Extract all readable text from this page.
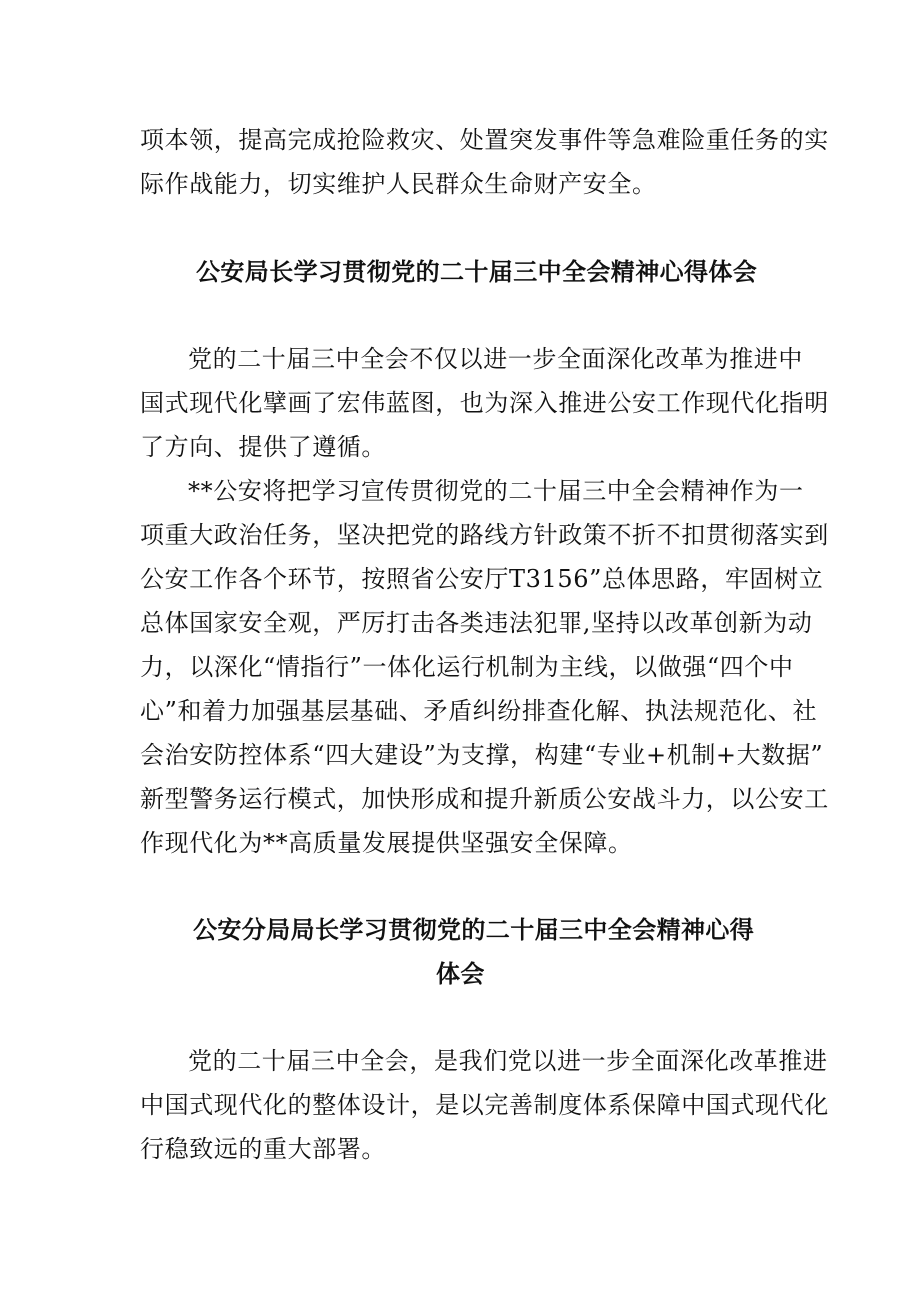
项本领，提高完成抢险救灾、处置突发事件等急难险重任务的实
际作战能力，切实维护人民群众生命财产安全。
公安局长学习贯彻党的二十届三中全会精神心得体会
党的二十届三中全会不仅以进一步全面深化改革为推进中
国式现代化擘画了宏伟蓝图，也为深入推进公安工作现代化指明
了方向、提供了遵循。
**公安将把学习宣传贯彻党的二十届三中全会精神作为一
项重大政治任务，坚决把党的路线方针政策不折不扣贯彻落实到
公安工作各个环节，按照省公安厅T3156”总体思路，牢固树立
总体国家安全观，严厉打击各类违法犯罪,坚持以改革创新为动
力，以深化“情指行”一体化运行机制为主线，以做强“四个中
心”和着力加强基层基础、矛盾纠纷排查化解、执法规范化、社
会治安防控体系“四大建设”为支撑，构建“专业+机制+大数据”
新型警务运行模式，加快形成和提升新质公安战斗力，以公安工
作现代化为**高质量发展提供坚强安全保障。
公安分局局长学习贯彻党的二十届三中全会精神心得
体会
党的二十届三中全会，是我们党以进一步全面深化改革推进
中国式现代化的整体设计，是以完善制度体系保障中国式现代化
行稳致远的重大部署。
